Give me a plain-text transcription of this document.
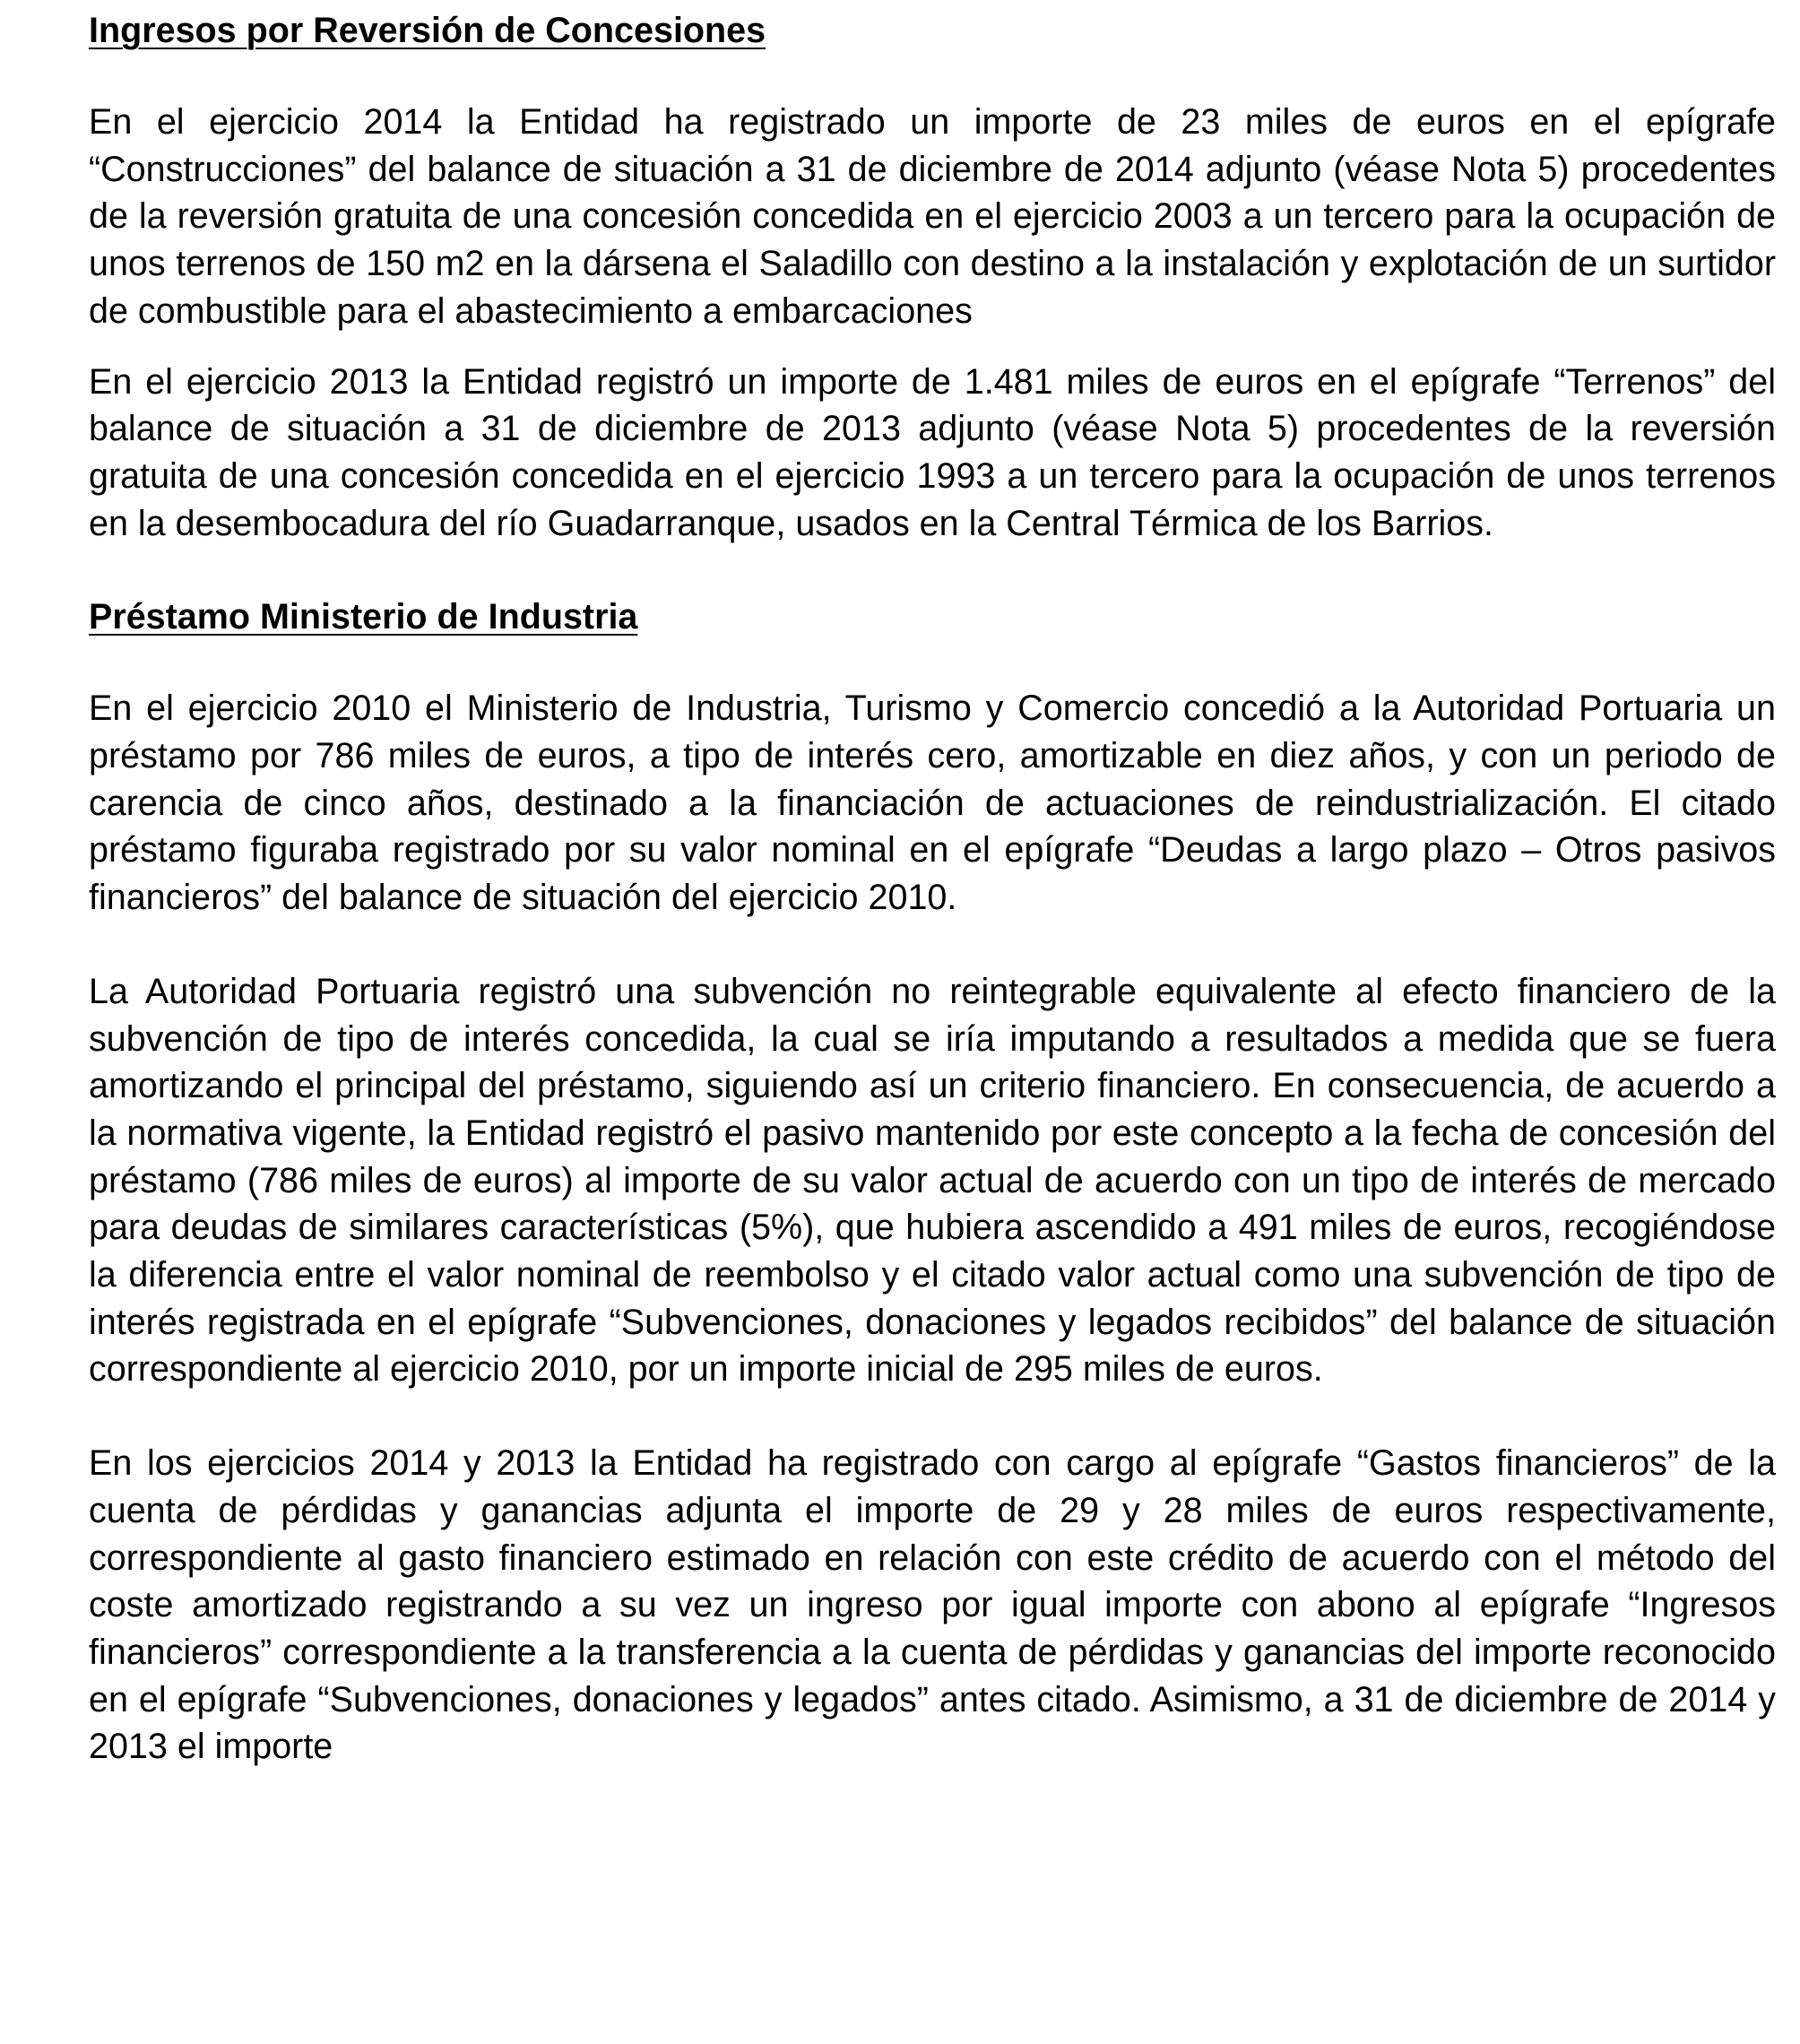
Ingresos por Reversión de Concesiones

En el ejercicio 2014 la Entidad ha registrado un importe de 23 miles de euros en el epígrafe “Construcciones” del balance de situación a 31 de diciembre de 2014 adjunto (véase Nota 5) procedentes de la reversión gratuita de una concesión concedida en el ejercicio 2003 a un tercero para la ocupación de unos terrenos de 150 m2 en la dársena el Saladillo con destino a la instalación y explotación de un surtidor de combustible para el abastecimiento a embarcaciones

En el ejercicio 2013 la Entidad registró un importe de 1.481 miles de euros en el epígrafe “Terrenos” del balance de situación a 31 de diciembre de 2013 adjunto (véase Nota 5) procedentes de la reversión gratuita de una concesión concedida en el ejercicio 1993 a un tercero para la ocupación de unos terrenos en la desembocadura del río Guadarranque, usados en la Central Térmica de los Barrios.

Préstamo Ministerio de Industria

En el ejercicio 2010 el Ministerio de Industria, Turismo y Comercio concedió a la Autoridad Portuaria un préstamo por 786 miles de euros, a tipo de interés cero, amortizable en diez años, y con un periodo de carencia de cinco años, destinado a la financiación de actuaciones de reindustrialización. El citado préstamo figuraba registrado por su valor nominal en el epígrafe “Deudas a largo plazo – Otros pasivos financieros” del balance de situación del ejercicio 2010.

La Autoridad Portuaria registró una subvención no reintegrable equivalente al efecto financiero de la subvención de tipo de interés concedida, la cual se iría imputando a resultados a medida que se fuera amortizando el principal del préstamo, siguiendo así un criterio financiero. En consecuencia, de acuerdo a la normativa vigente, la Entidad registró el pasivo mantenido por este concepto a la fecha de concesión del préstamo (786 miles de euros) al importe de su valor actual de acuerdo con un tipo de interés de mercado para deudas de similares características (5%), que hubiera ascendido a 491 miles de euros, recogiéndose la diferencia entre el valor nominal de reembolso y el citado valor actual como una subvención de tipo de interés registrada en el epígrafe “Subvenciones, donaciones y legados recibidos” del balance de situación correspondiente al ejercicio 2010, por un importe inicial de 295 miles de euros.

En los ejercicios 2014 y 2013 la Entidad ha registrado con cargo al epígrafe “Gastos financieros” de la cuenta de pérdidas y ganancias adjunta el importe de 29 y 28 miles de euros respectivamente, correspondiente al gasto financiero estimado en relación con este crédito de acuerdo con el método del coste amortizado registrando a su vez un ingreso por igual importe con abono al epígrafe “Ingresos financieros” correspondiente a la transferencia a la cuenta de pérdidas y ganancias del importe reconocido en el epígrafe “Subvenciones, donaciones y legados” antes citado. Asimismo, a 31 de diciembre de 2014 y 2013 el importe
